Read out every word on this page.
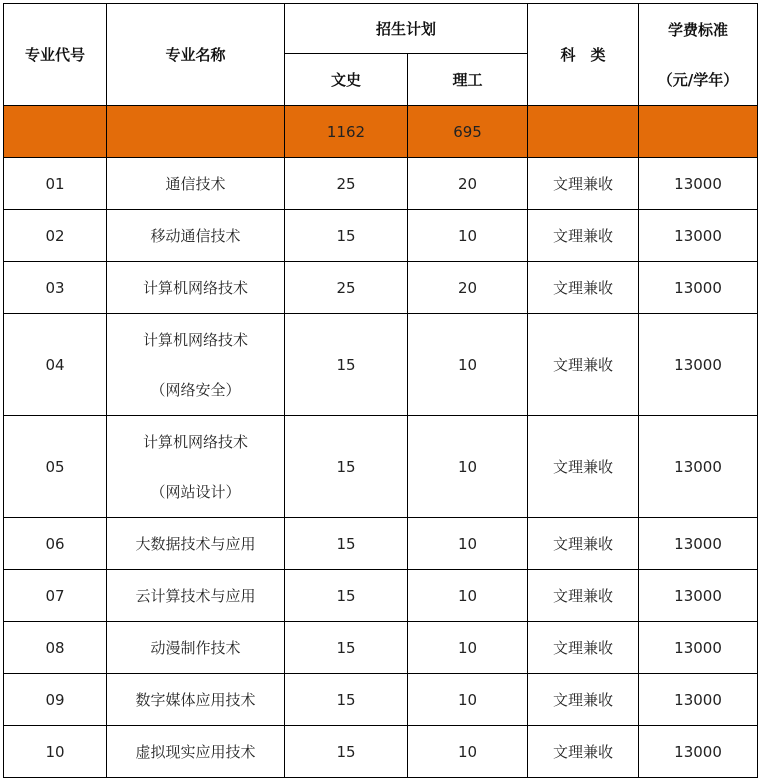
专业代号	专业名称	招生计划		科　类	学费标准
（元/学年）

		文史	理工		
		1162	695		
01	通信技术	25	20	文理兼收	13000
02	移动通信技术	15	10	文理兼收	13000
03	计算机网络技术	25	20	文理兼收	13000
04	计算机网络技术
（网络安全）	15	10	文理兼收	13000
05	计算机网络技术
（网站设计）	15	10	文理兼收	13000
06	大数据技术与应用	15	10	文理兼收	13000
07	云计算技术与应用	15	10	文理兼收	13000
08	动漫制作技术	15	10	文理兼收	13000
09	数字媒体应用技术	15	10	文理兼收	13000
10	虚拟现实应用技术	15	10	文理兼收	13000
